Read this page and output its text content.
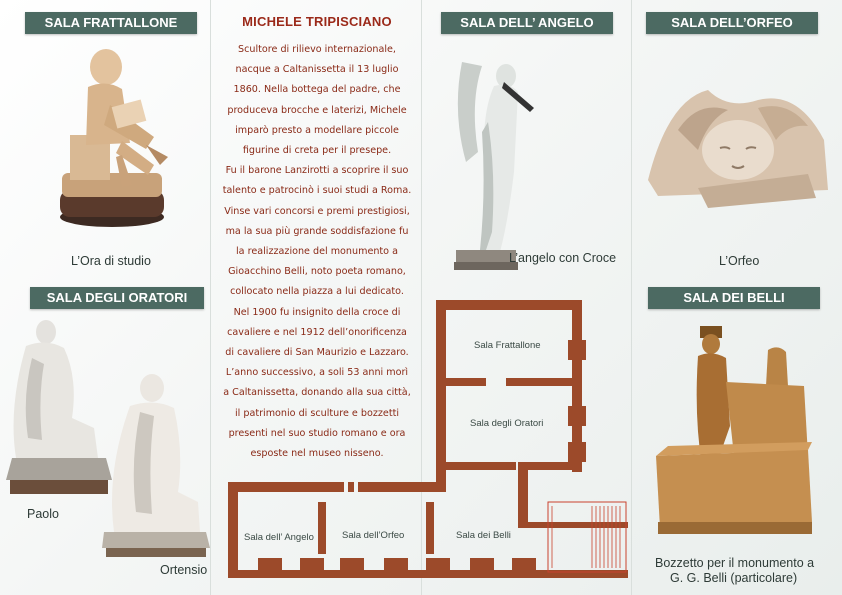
SALA FRATTALLONE	SALA DELL’ ANGELO	SALA DELL’ORFEO
SALA DEGLI ORATORI	SALA DEI BELLI
MICHELE TRIPISCIANO

Scultore di rilievo internazionale,

nacque a Caltanissetta il 13 luglio

1860. Nella bottega del padre, che

produceva brocche e laterizi, Michele

imparò presto a modellare piccole

figurine di creta per il presepe.

Fu il barone Lanzirotti a scoprire il suo

talento e patrocinò i suoi studi a Roma.

Vinse vari concorsi e premi prestigiosi,

ma la sua più grande soddisfazione fu

la realizzazione del monumento a

Gioacchino Belli, noto poeta romano,

collocato nella piazza a lui dedicato.

Nel 1900 fu insignito della croce di

cavaliere e nel 1912 dell’onorificenza

di cavaliere di San Maurizio e Lazzaro.

L’anno successivo, a soli 53 anni morì

a Caltanissetta, donando alla sua città,

il patrimonio di sculture e bozzetti

presenti nel suo studio romano e ora

esposte nel museo nisseno.

L’Ora di studio	L’angelo con Croce	L’Orfeo
Paolo
Ortensio	Bozzetto per il monumento a
G. G. Belli (particolare)
Sala Frattallone
Sala degli Oratori
Sala dell’ Angelo	Sala dell’Orfeo	Sala dei Belli
